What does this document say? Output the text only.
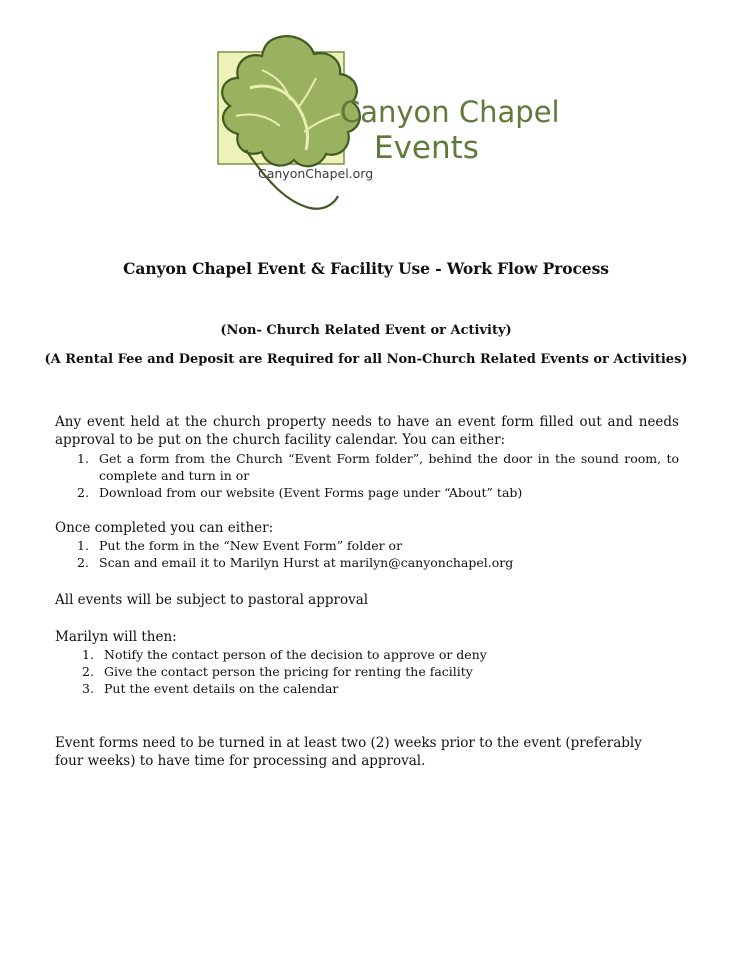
Canyon Chapel
Events
CanyonChapel.org
Canyon Chapel Event & Facility Use - Work Flow Process
(Non- Church Related Event or Activity)
(A Rental Fee and Deposit are Required for all Non-Church Related Events or Activities)
Any event held at the church property needs to have an event form filled out and needs approval to be put on the church facility calendar. You can either:
1. Get a form from the Church “Event Form folder”, behind the door in the sound room, to complete and turn in or
2. Download from our website (Event Forms page under “About” tab)
Once completed you can either:
1. Put the form in the “New Event Form” folder or
2. Scan and email it to Marilyn Hurst at marilyn@canyonchapel.org
All events will be subject to pastoral approval
Marilyn will then:
1. Notify the contact person of the decision to approve or deny
2. Give the contact person the pricing for renting the facility
3. Put the event details on the calendar
Event forms need to be turned in at least two (2) weeks prior to the event (preferably four weeks) to have time for processing and approval.
